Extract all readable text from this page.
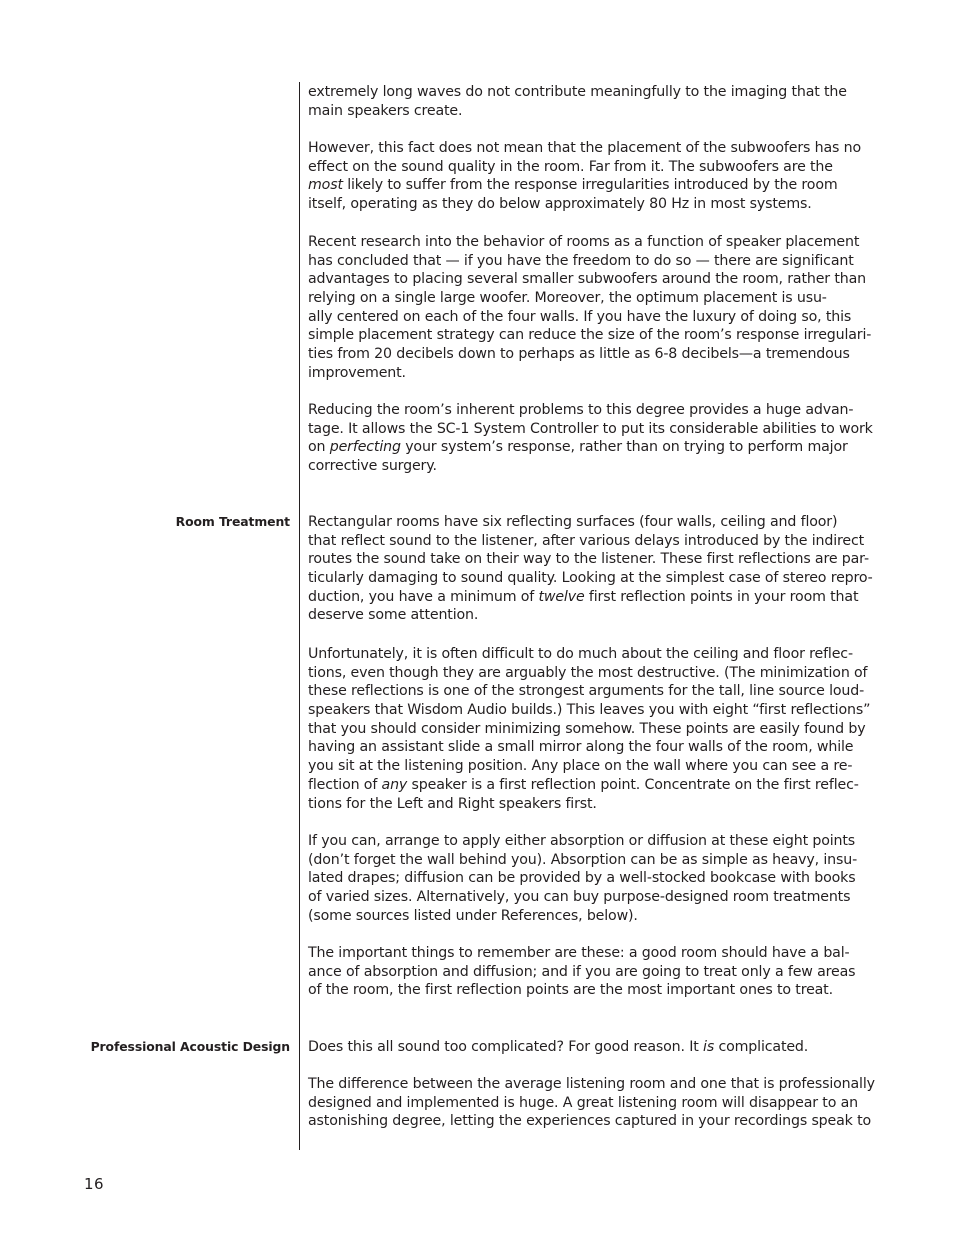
extremely long waves do not contribute meaningfully to the imaging that the
main speakers create.
However, this fact does not mean that the placement of the subwoofers has no
effect on the sound quality in the room. Far from it. The subwoofers are the
most likely to suffer from the response irregularities introduced by the room
itself, operating as they do below approximately 80 Hz in most systems.
Recent research into the behavior of rooms as a function of speaker placement
has concluded that — if you have the freedom to do so — there are significant
advantages to placing several smaller subwoofers around the room, rather than
relying on a single large woofer. Moreover, the optimum placement is usu-
ally centered on each of the four walls. If you have the luxury of doing so, this
simple placement strategy can reduce the size of the room’s response irregulari-
ties from 20 decibels down to perhaps as little as 6-8 decibels—a tremendous
improvement.
Reducing the room’s inherent problems to this degree provides a huge advan-
tage. It allows the SC-1 System Controller to put its considerable abilities to work
on perfecting your system’s response, rather than on trying to perform major
corrective surgery.
Room Treatment Rectangular rooms have six reflecting surfaces (four walls, ceiling and floor)
that reflect sound to the listener, after various delays introduced by the indirect
routes the sound take on their way to the listener. These first reflections are par-
ticularly damaging to sound quality. Looking at the simplest case of stereo repro-
duction, you have a minimum of twelve first reflection points in your room that
deserve some attention.
Unfortunately, it is often difficult to do much about the ceiling and floor reflec-
tions, even though they are arguably the most destructive. (The minimization of
these reflections is one of the strongest arguments for the tall, line source loud-
speakers that Wisdom Audio builds.) This leaves you with eight “first reflections”
that you should consider minimizing somehow. These points are easily found by
having an assistant slide a small mirror along the four walls of the room, while
you sit at the listening position. Any place on the wall where you can see a re-
flection of any speaker is a first reflection point. Concentrate on the first reflec-
tions for the Left and Right speakers first.
If you can, arrange to apply either absorption or diffusion at these eight points
(don’t forget the wall behind you). Absorption can be as simple as heavy, insu-
lated drapes; diffusion can be provided by a well-stocked bookcase with books
of varied sizes. Alternatively, you can buy purpose-designed room treatments
(some sources listed under References, below).
The important things to remember are these: a good room should have a bal-
ance of absorption and diffusion; and if you are going to treat only a few areas
of the room, the first reflection points are the most important ones to treat.
Professional Acoustic Design Does this all sound too complicated? For good reason. It is complicated.
The difference between the average listening room and one that is professionally
designed and implemented is huge. A great listening room will disappear to an
astonishing degree, letting the experiences captured in your recordings speak to
16
